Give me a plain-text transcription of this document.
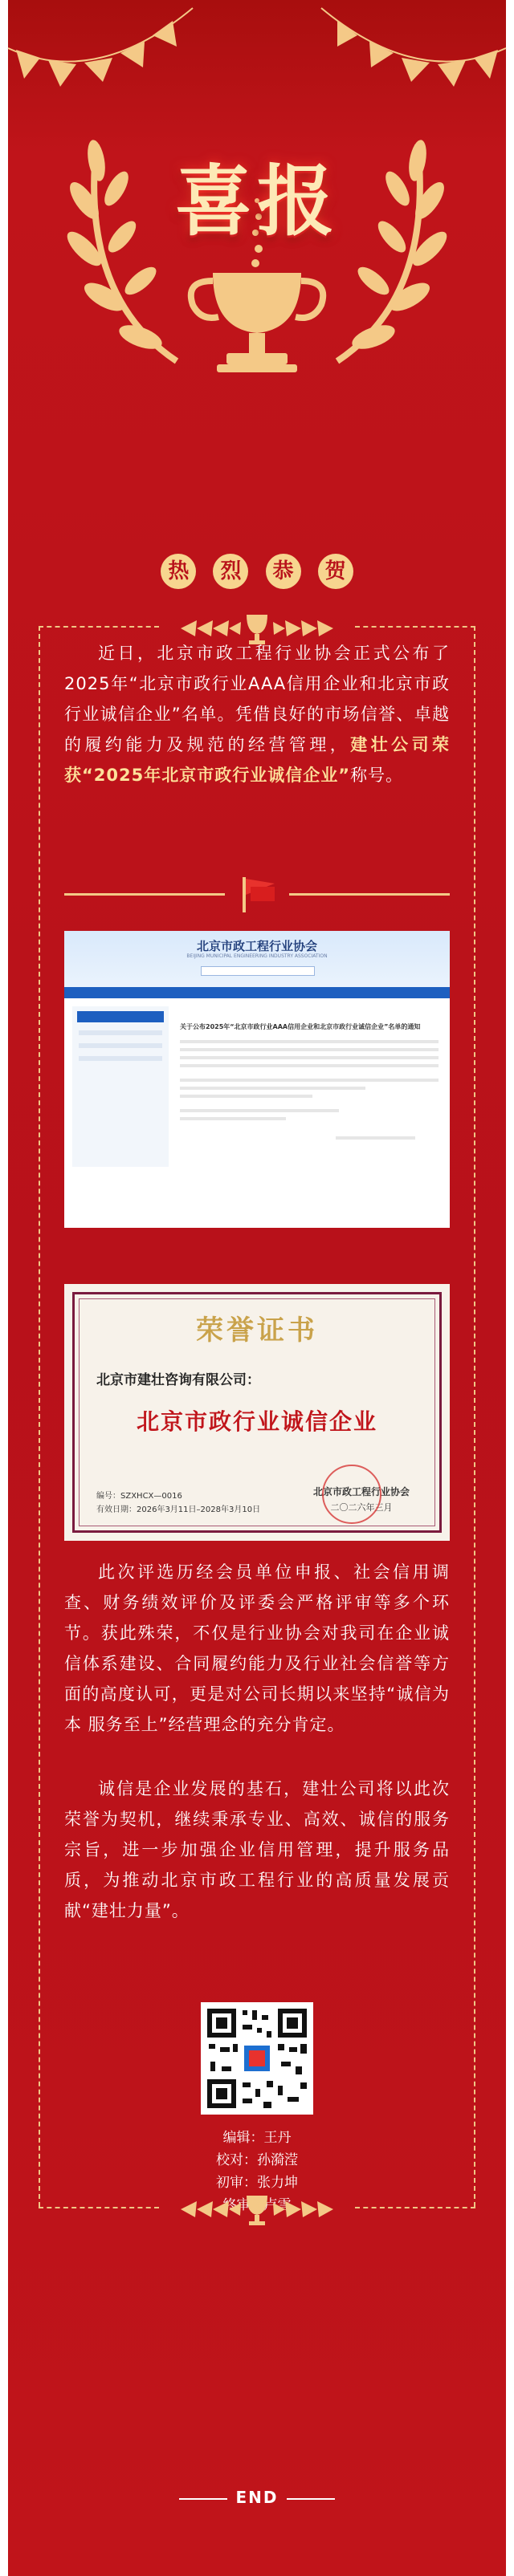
喜报
热 烈 恭 贺
近日，北京市政工程行业协会正式公布了2025年“北京市政行业AAA信用企业和北京市政行业诚信企业”名单。凭借良好的市场信誉、卓越的履约能力及规范的经营管理，建壮公司荣获“2025年北京市政行业诚信企业”称号。
北京市政工程行业协会
BEIJING MUNICIPAL ENGINEERING INDUSTRY ASSOCIATION
关于公布2025年“北京市政行业AAA信用企业和北京市政行业诚信企业”名单的通知
荣誉证书
北京市建壮咨询有限公司：
北京市政行业诚信企业
编号：SZXHCX—0016
有效日期：2026年3月11日–2028年3月10日
北京市政工程行业协会
二〇二六年三月
此次评选历经会员单位申报、社会信用调查、财务绩效评价及评委会严格评审等多个环节。获此殊荣，不仅是行业协会对我司在企业诚信体系建设、合同履约能力及行业社会信誉等方面的高度认可，更是对公司长期以来坚持“诚信为本 服务至上”经营理念的充分肯定。
诚信是企业发展的基石，建壮公司将以此次荣誉为契机，继续秉承专业、高效、诚信的服务宗旨，进一步加强企业信用管理，提升服务品质，为推动北京市政工程行业的高质量发展贡献“建壮力量”。
编辑：王丹
校对：孙漪滢
初审：张力坤
END
